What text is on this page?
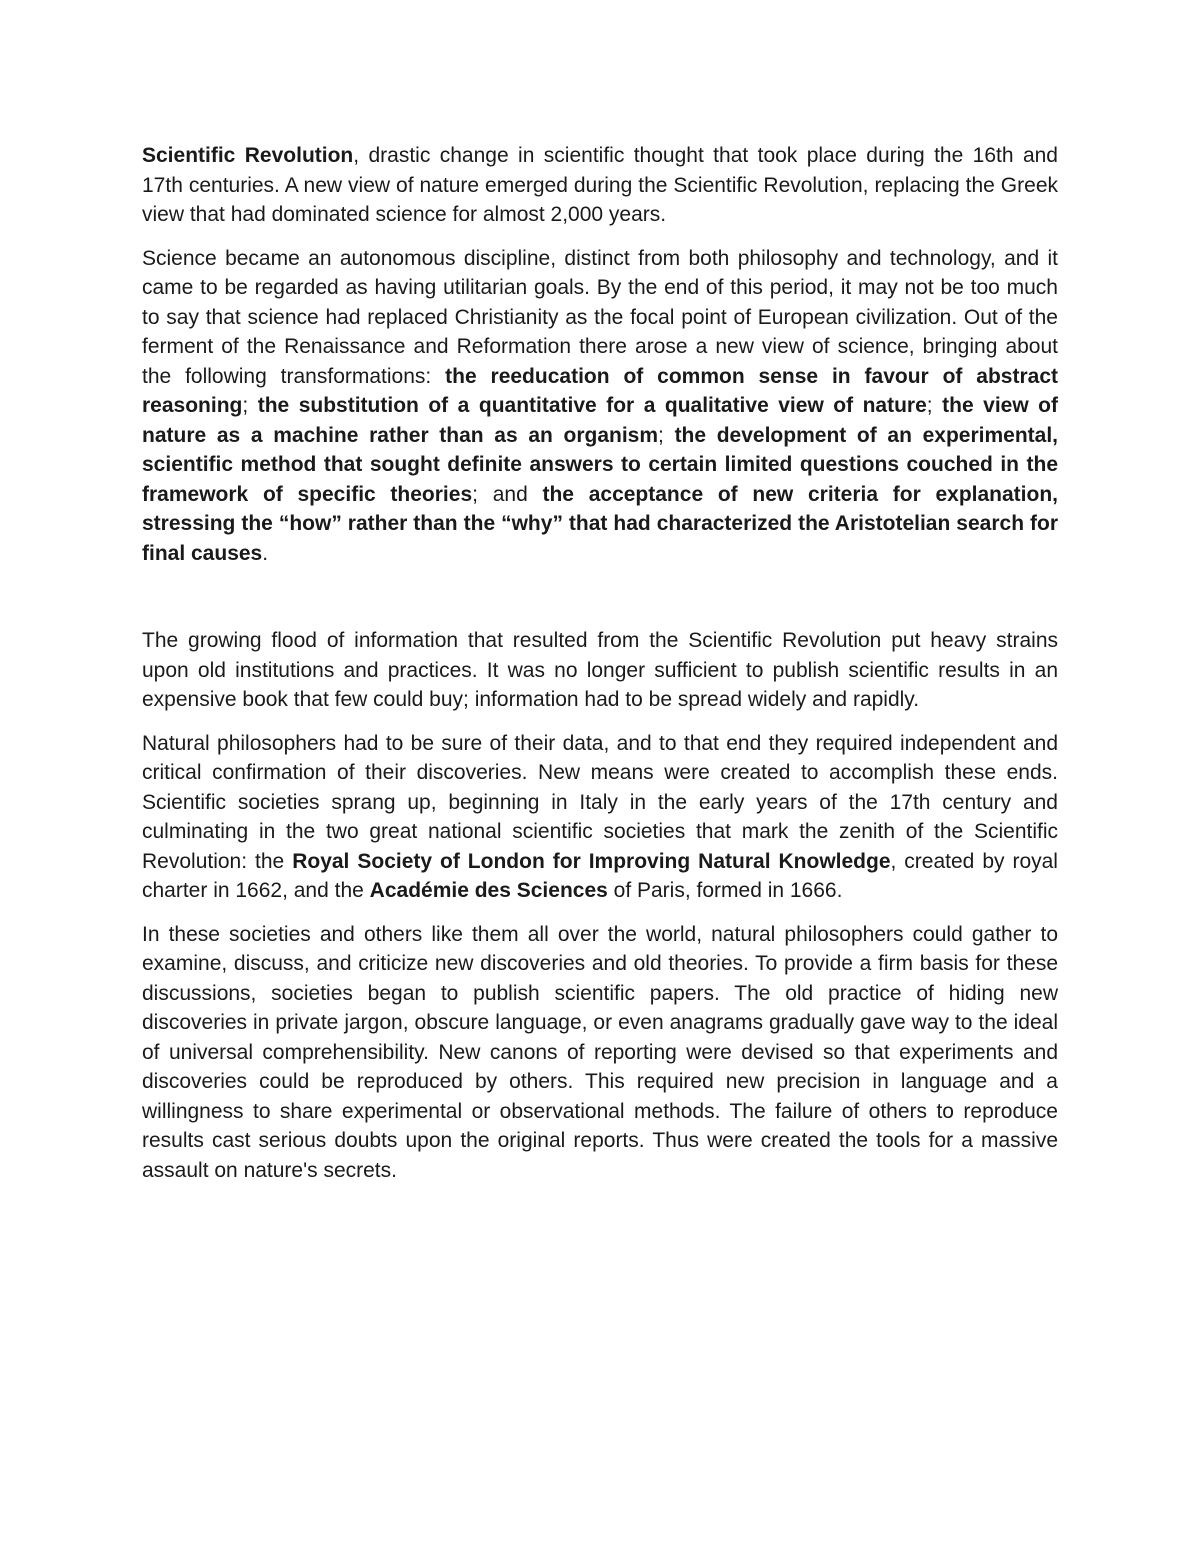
Scientific Revolution, drastic change in scientific thought that took place during the 16th and 17th centuries. A new view of nature emerged during the Scientific Revolution, replacing the Greek view that had dominated science for almost 2,000 years.

Science became an autonomous discipline, distinct from both philosophy and technology, and it came to be regarded as having utilitarian goals. By the end of this period, it may not be too much to say that science had replaced Christianity as the focal point of European civilization. Out of the ferment of the Renaissance and Reformation there arose a new view of science, bringing about the following transformations: the reeducation of common sense in favour of abstract reasoning; the substitution of a quantitative for a qualitative view of nature; the view of nature as a machine rather than as an organism; the development of an experimental, scientific method that sought definite answers to certain limited questions couched in the framework of specific theories; and the acceptance of new criteria for explanation, stressing the “how” rather than the “why” that had characterized the Aristotelian search for final causes.

The growing flood of information that resulted from the Scientific Revolution put heavy strains upon old institutions and practices. It was no longer sufficient to publish scientific results in an expensive book that few could buy; information had to be spread widely and rapidly.

Natural philosophers had to be sure of their data, and to that end they required independent and critical confirmation of their discoveries. New means were created to accomplish these ends. Scientific societies sprang up, beginning in Italy in the early years of the 17th century and culminating in the two great national scientific societies that mark the zenith of the Scientific Revolution: the Royal Society of London for Improving Natural Knowledge, created by royal charter in 1662, and the Académie des Sciences of Paris, formed in 1666.

In these societies and others like them all over the world, natural philosophers could gather to examine, discuss, and criticize new discoveries and old theories. To provide a firm basis for these discussions, societies began to publish scientific papers. The old practice of hiding new discoveries in private jargon, obscure language, or even anagrams gradually gave way to the ideal of universal comprehensibility. New canons of reporting were devised so that experiments and discoveries could be reproduced by others. This required new precision in language and a willingness to share experimental or observational methods. The failure of others to reproduce results cast serious doubts upon the original reports. Thus were created the tools for a massive assault on nature's secrets.
